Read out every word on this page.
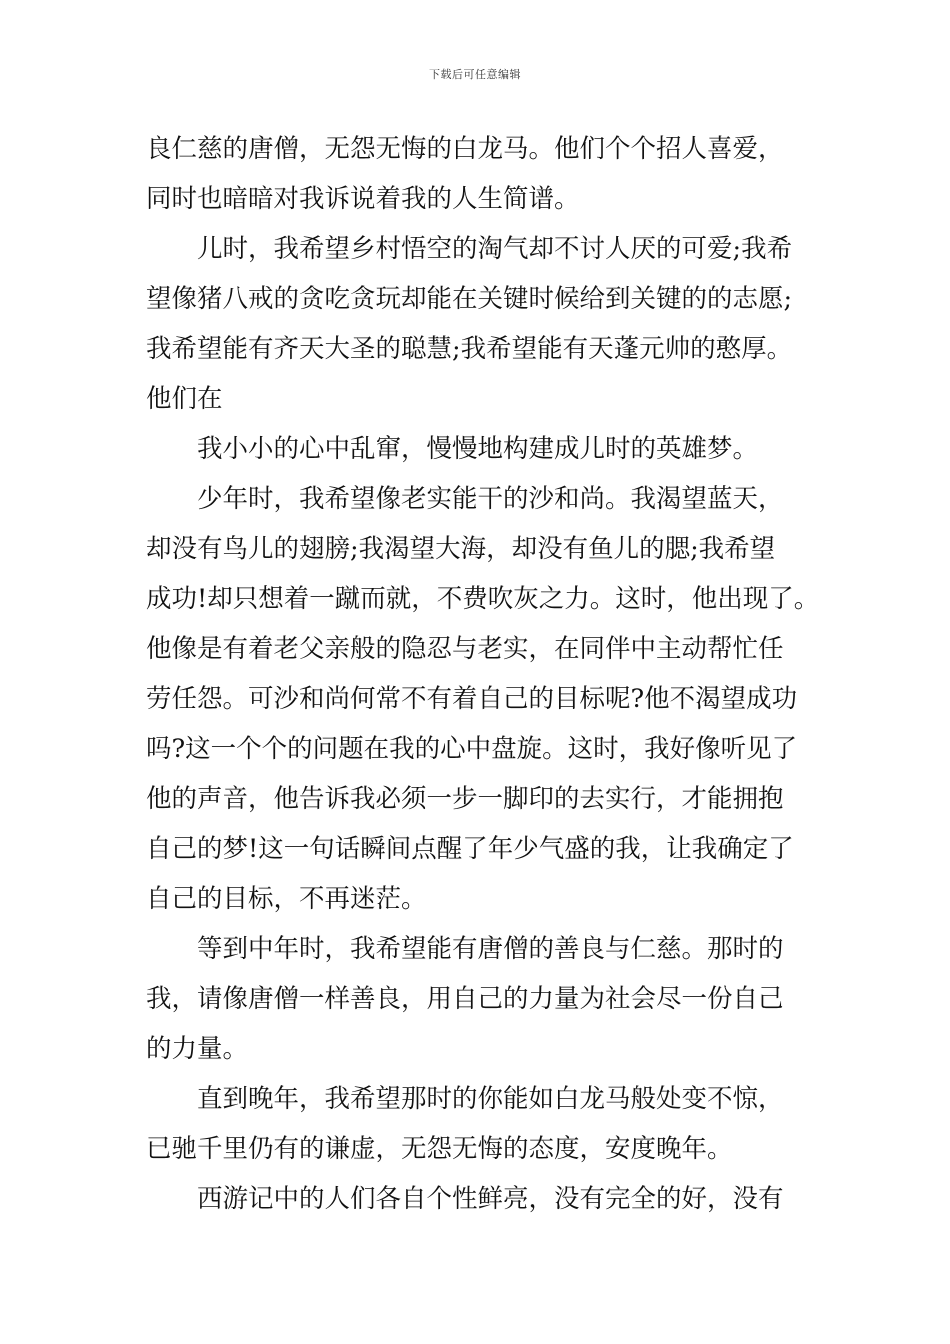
下载后可任意编辑
良仁慈的唐僧，无怨无悔的白龙马。他们个个招人喜爱，
同时也暗暗对我诉说着我的人生简谱。
儿时，我希望乡村悟空的淘气却不讨人厌的可爱;我希
望像猪八戒的贪吃贪玩却能在关键时候给到关键的的志愿;
我希望能有齐天大圣的聪慧;我希望能有天蓬元帅的憨厚。
他们在
我小小的心中乱窜，慢慢地构建成儿时的英雄梦。
少年时，我希望像老实能干的沙和尚。我渴望蓝天，
却没有鸟儿的翅膀;我渴望大海，却没有鱼儿的腮;我希望
成功!却只想着一蹴而就，不费吹灰之力。这时，他出现了。
他像是有着老父亲般的隐忍与老实，在同伴中主动帮忙任
劳任怨。可沙和尚何常不有着自己的目标呢?他不渴望成功
吗?这一个个的问题在我的心中盘旋。这时，我好像听见了
他的声音，他告诉我必须一步一脚印的去实行，才能拥抱
自己的梦!这一句话瞬间点醒了年少气盛的我，让我确定了
自己的目标，不再迷茫。
等到中年时，我希望能有唐僧的善良与仁慈。那时的
我，请像唐僧一样善良，用自己的力量为社会尽一份自己
的力量。
直到晚年，我希望那时的你能如白龙马般处变不惊，
已驰千里仍有的谦虚，无怨无悔的态度，安度晚年。
西游记中的人们各自个性鲜亮，没有完全的好，没有
